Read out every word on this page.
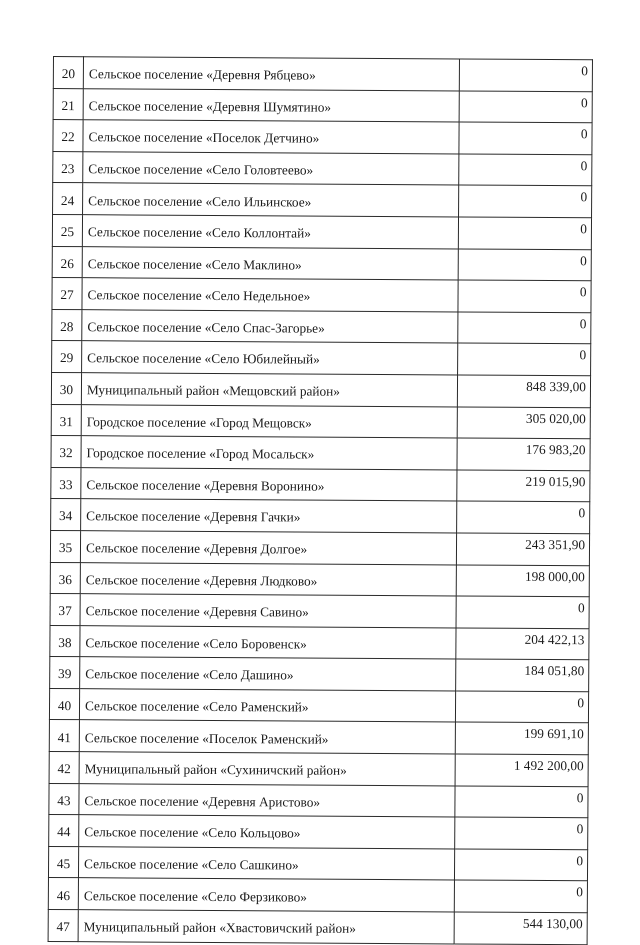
20	Сельское поселение «Деревня Рябцево»	0
21	Сельское поселение «Деревня Шумятино»	0
22	Сельское поселение «Поселок Детчино»	0
23	Сельское поселение «Село Головтеево»	0
24	Сельское поселение «Село Ильинское»	0
25	Сельское поселение «Село Коллонтай»	0
26	Сельское поселение «Село Маклино»	0
27	Сельское поселение «Село Недельное»	0
28	Сельское поселение «Село Спас-Загорье»	0
29	Сельское поселение «Село Юбилейный»	0
30	Муниципальный район «Мещовский район»	848 339,00
31	Городское поселение «Город Мещовск»	305 020,00
32	Городское поселение «Город Мосальск»	176 983,20
33	Сельское поселение «Деревня Воронино»	219 015,90
34	Сельское поселение «Деревня Гачки»	0
35	Сельское поселение «Деревня Долгое»	243 351,90
36	Сельское поселение «Деревня Людково»	198 000,00
37	Сельское поселение «Деревня Савино»	0
38	Сельское поселение «Село Боровенск»	204 422,13
39	Сельское поселение «Село Дашино»	184 051,80
40	Сельское поселение «Село Раменский»	0
41	Сельское поселение «Поселок Раменский»	199 691,10
42	Муниципальный район «Сухиничский район»	1 492 200,00
43	Сельское поселение «Деревня Аристово»	0
44	Сельское поселение «Село Кольцово»	0
45	Сельское поселение «Село Сашкино»	0
46	Сельское поселение «Село Ферзиково»	0
47	Муниципальный район «Хвастовичский район»	544 130,00
